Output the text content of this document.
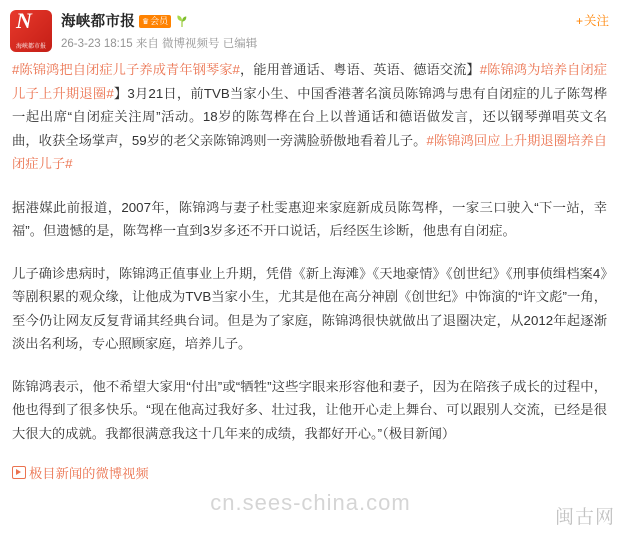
N
海峡都市报
海峡都市报 ♛ 会员
26-3-23 18:15 来自 微博视频号 已编辑
+关注

#陈锦鸿把自闭症儿子养成青年钢琴家#，能用普通话、粤语、英语、德语交流】#陈锦鸿为培养自闭症儿子上升期退圈#】3月21日，前TVB当家小生、中国香港著名演员陈锦鸿与患有自闭症的儿子陈驾桦一起出席“自闭症关注周”活动。18岁的陈驾桦在台上以普通话和德语做发言，还以钢琴弹唱英文名曲，收获全场掌声，59岁的老父亲陈锦鸿则一旁满脸骄傲地看着儿子。#陈锦鸿回应上升期退圈培养自闭症儿子#

据港媒此前报道，2007年，陈锦鸿与妻子杜雯惠迎来家庭新成员陈驾桦，一家三口驶入“下一站，幸福”。但遗憾的是，陈驾桦一直到3岁多还不开口说话，后经医生诊断，他患有自闭症。

儿子确诊患病时，陈锦鸿正值事业上升期，凭借《新上海滩》《天地豪情》《创世纪》《刑事侦缉档案4》等剧积累的观众缘，让他成为TVB当家小生，尤其是他在高分神剧《创世纪》中饰演的“许文彪”一角，至今仍让网友反复背诵其经典台词。但是为了家庭，陈锦鸿很快就做出了退圈决定，从2012年起逐渐淡出名利场，专心照顾家庭，培养儿子。

陈锦鸿表示，他不希望大家用“付出”或“牺牲”这些字眼来形容他和妻子，因为在陪孩子成长的过程中，他也得到了很多快乐。“现在他高过我好多、壮过我，让他开心走上舞台、可以跟别人交流，已经是很大很大的成就。我都很满意我这十几年来的成绩，我都好开心。”（极目新闻）

极目新闻的微博视频
cn.sees-china.com
闽古网
